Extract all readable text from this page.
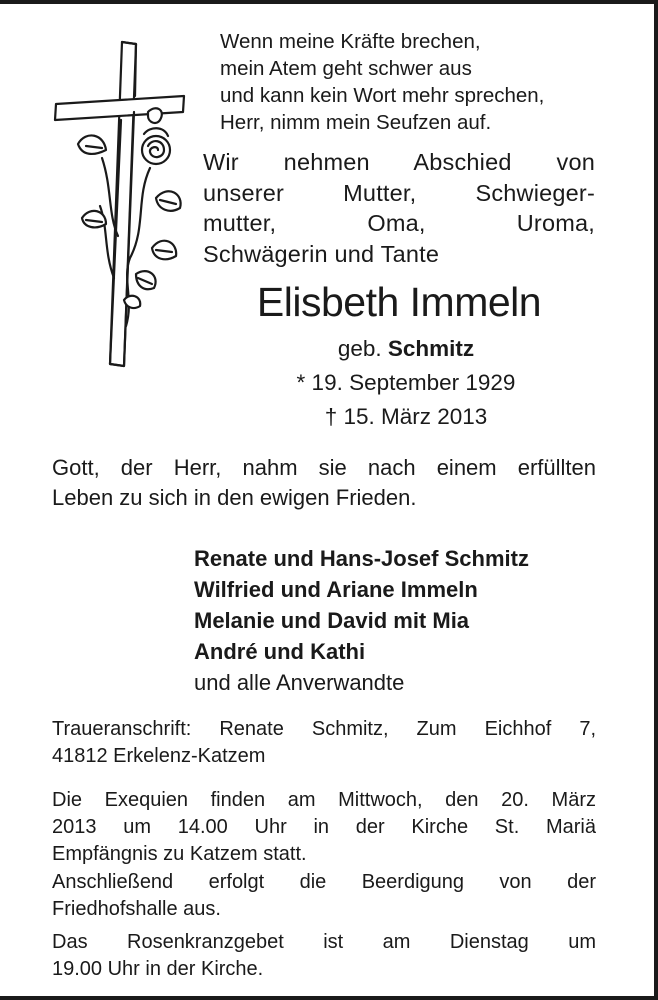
Wenn meine Kräfte brechen,
mein Atem geht schwer aus
und kann kein Wort mehr sprechen,
Herr, nimm mein Seufzen auf.
Wir nehmen Abschied von
unserer Mutter, Schwieger-
mutter, Oma, Uroma,
Schwägerin und Tante
Elisbeth Immeln
geb. Schmitz
* 19. September 1929
† 15. März 2013
Gott, der Herr, nahm sie nach einem erfüllten
Leben zu sich in den ewigen Frieden.
Renate und Hans-Josef Schmitz
Wilfried und Ariane Immeln
Melanie und David mit Mia
André und Kathi
und alle Anverwandte
Traueranschrift: Renate Schmitz, Zum Eichhof 7,
41812 Erkelenz-Katzem
Die Exequien finden am Mittwoch, den 20. März
2013 um 14.00 Uhr in der Kirche St. Mariä
Empfängnis zu Katzem statt.
Anschließend erfolgt die Beerdigung von der
Friedhofshalle aus.
Das Rosenkranzgebet ist am Dienstag um
19.00 Uhr in der Kirche.
